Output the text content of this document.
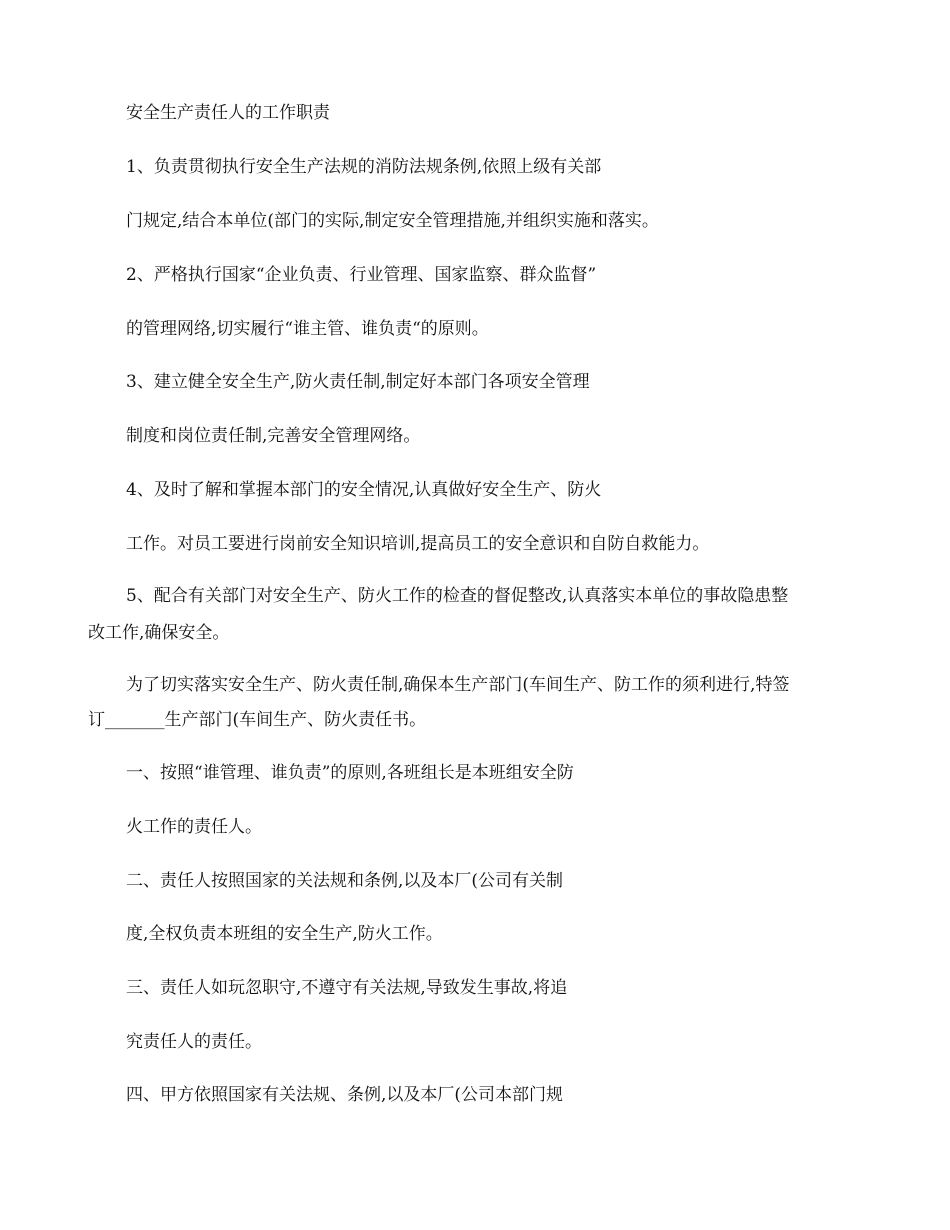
安全生产责任人的工作职责
1、负责贯彻执行安全生产法规的消防法规条例,依照上级有关部
门规定,结合本单位(部门的实际,制定安全管理措施,并组织实施和落实。
2、严格执行国家“企业负责、行业管理、国家监察、群众监督”
的管理网络,切实履行“谁主管、谁负责“的原则。
3、建立健全安全生产,防火责任制,制定好本部门各项安全管理
制度和岗位责任制,完善安全管理网络。
4、及时了解和掌握本部门的安全情况,认真做好安全生产、防火
工作。对员工要进行岗前安全知识培训,提高员工的安全意识和自防自救能力。
5、配合有关部门对安全生产、防火工作的检查的督促整改,认真落实本单位的事故隐患整
改工作,确保安全。
为了切实落实安全生产、防火责任制,确保本生产部门(车间生产、防工作的须利进行,特签
订_______生产部门(车间生产、防火责任书。
一、按照“谁管理、谁负责”的原则,各班组长是本班组安全防
火工作的责任人。
二、责任人按照国家的关法规和条例,以及本厂(公司有关制
度,全权负责本班组的安全生产,防火工作。
三、责任人如玩忽职守,不遵守有关法规,导致发生事故,将追
究责任人的责任。
四、甲方依照国家有关法规、条例,以及本厂(公司本部门规
